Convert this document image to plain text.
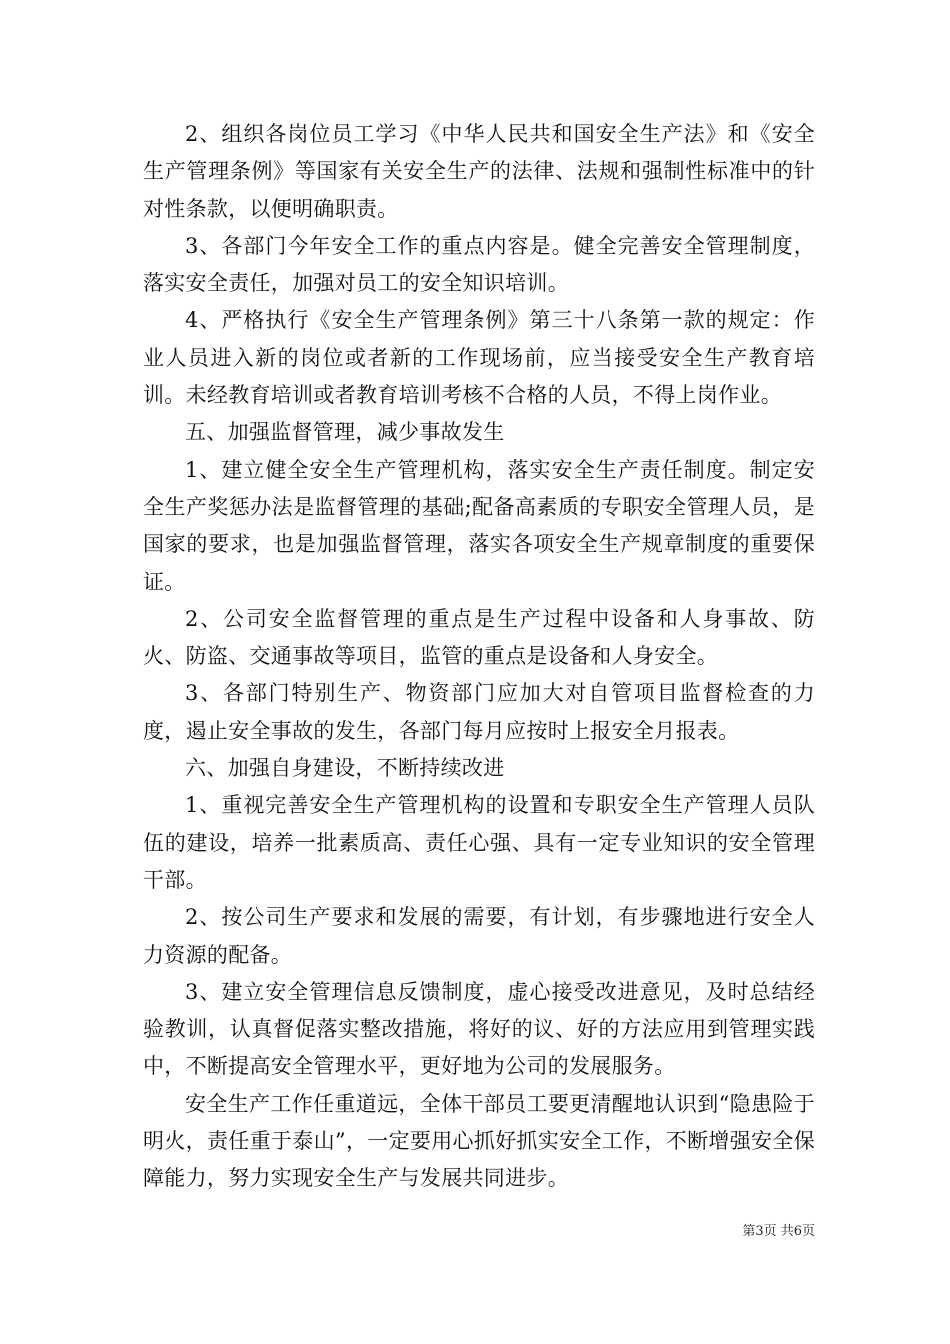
2、组织各岗位员工学习《中华人民共和国安全生产法》和《安全生产管理条例》等国家有关安全生产的法律、法规和强制性标准中的针对性条款，以便明确职责。

3、各部门今年安全工作的重点内容是。健全完善安全管理制度，落实安全责任，加强对员工的安全知识培训。

4、严格执行《安全生产管理条例》第三十八条第一款的规定：作业人员进入新的岗位或者新的工作现场前，应当接受安全生产教育培训。未经教育培训或者教育培训考核不合格的人员，不得上岗作业。

五、加强监督管理，减少事故发生

1、建立健全安全生产管理机构，落实安全生产责任制度。制定安全生产奖惩办法是监督管理的基础;配备高素质的专职安全管理人员，是国家的要求，也是加强监督管理，落实各项安全生产规章制度的重要保证。

2、公司安全监督管理的重点是生产过程中设备和人身事故、防火、防盗、交通事故等项目，监管的重点是设备和人身安全。

3、各部门特别生产、物资部门应加大对自管项目监督检查的力度，遏止安全事故的发生，各部门每月应按时上报安全月报表。

六、加强自身建设，不断持续改进

1、重视完善安全生产管理机构的设置和专职安全生产管理人员队伍的建设，培养一批素质高、责任心强、具有一定专业知识的安全管理干部。

2、按公司生产要求和发展的需要，有计划，有步骤地进行安全人力资源的配备。

3、建立安全管理信息反馈制度，虚心接受改进意见，及时总结经验教训，认真督促落实整改措施，将好的议、好的方法应用到管理实践中，不断提高安全管理水平，更好地为公司的发展服务。

安全生产工作任重道远，全体干部员工要更清醒地认识到“隐患险于明火，责任重于泰山”，一定要用心抓好抓实安全工作，不断增强安全保障能力，努力实现安全生产与发展共同进步。

第3页 共6页
